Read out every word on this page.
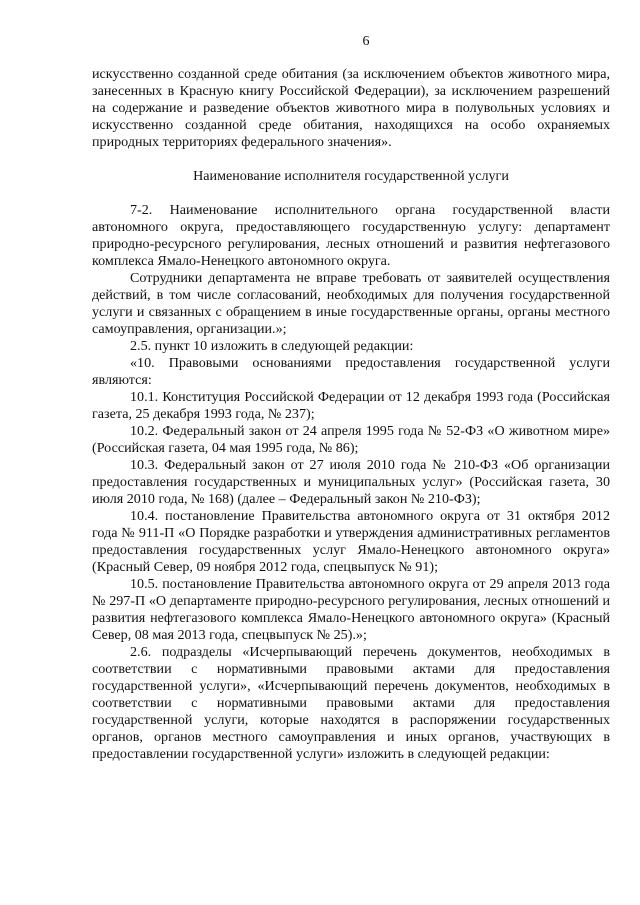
6

искусственно созданной среде обитания (за исключением объектов животного мира, занесенных в Красную книгу Российской Федерации), за исключением разрешений на содержание и разведение объектов животного мира в полувольных условиях и искусственно созданной среде обитания, находящихся на особо охраняемых природных территориях федерального значения».

Наименование исполнителя государственной услуги

7-2. Наименование исполнительного органа государственной власти автономного округа, предоставляющего государственную услугу: департамент природно-ресурсного регулирования, лесных отношений и развития нефтегазового комплекса Ямало-Ненецкого автономного округа.

Сотрудники департамента не вправе требовать от заявителей осуществления действий, в том числе согласований, необходимых для получения государственной услуги и связанных с обращением в иные государственные органы, органы местного самоуправления, организации.»;

2.5. пункт 10 изложить в следующей редакции:

«10. Правовыми основаниями предоставления государственной услуги являются:

10.1. Конституция Российской Федерации от 12 декабря 1993 года (Российская газета, 25 декабря 1993 года, № 237);

10.2. Федеральный закон от 24 апреля 1995 года № 52-ФЗ «О животном мире» (Российская газета, 04 мая 1995 года, № 86);

10.3. Федеральный закон от 27 июля 2010 года № 210-ФЗ «Об организации предоставления государственных и муниципальных услуг» (Российская газета, 30 июля 2010 года, № 168) (далее – Федеральный закон № 210-ФЗ);

10.4. постановление Правительства автономного округа от 31 октября 2012 года № 911-П «О Порядке разработки и утверждения административных регламентов предоставления государственных услуг Ямало-Ненецкого автономного округа» (Красный Север, 09 ноября 2012 года, спецвыпуск № 91);

10.5. постановление Правительства автономного округа от 29 апреля 2013 года № 297-П «О департаменте природно-ресурсного регулирования, лесных отношений и развития нефтегазового комплекса Ямало-Ненецкого автономного округа» (Красный Север, 08 мая 2013 года, спецвыпуск № 25).»;

2.6. подразделы «Исчерпывающий перечень документов, необходимых в соответствии с нормативными правовыми актами для предоставления государственной услуги», «Исчерпывающий перечень документов, необходимых в соответствии с нормативными правовыми актами для предоставления государственной услуги, которые находятся в распоряжении государственных органов, органов местного самоуправления и иных органов, участвующих в предоставлении государственной услуги» изложить в следующей редакции:
